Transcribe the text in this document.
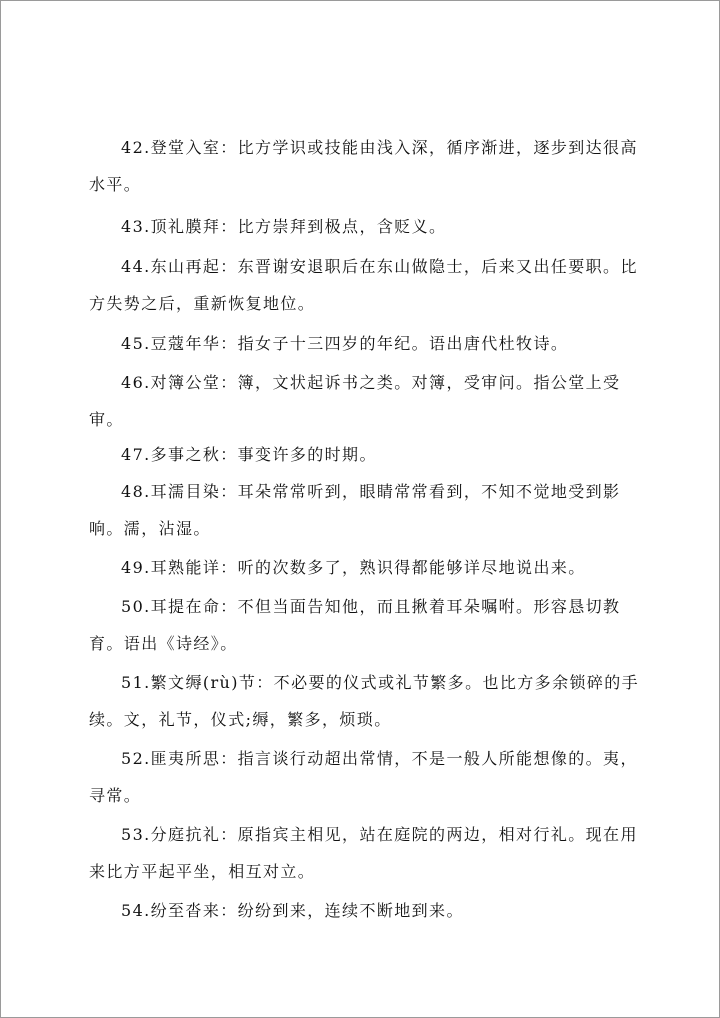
42.登堂入室：比方学识或技能由浅入深，循序渐进，逐步到达很高水平。

43.顶礼膜拜：比方崇拜到极点，含贬义。

44.东山再起：东晋谢安退职后在东山做隐士，后来又出任要职。比方失势之后，重新恢复地位。

45.豆蔻年华：指女子十三四岁的年纪。语出唐代杜牧诗。

46.对簿公堂：簿，文状起诉书之类。对簿，受审问。指公堂上受审。

47.多事之秋：事变许多的时期。

48.耳濡目染：耳朵常常听到，眼睛常常看到，不知不觉地受到影响。濡，沾湿。

49.耳熟能详：听的次数多了，熟识得都能够详尽地说出来。

50.耳提在命：不但当面告知他，而且揪着耳朵嘱咐。形容恳切教育。语出《诗经》。

51.繁文缛(rù)节：不必要的仪式或礼节繁多。也比方多余锁碎的手续。文，礼节，仪式;缛，繁多，烦琐。

52.匪夷所思：指言谈行动超出常情，不是一般人所能想像的。夷，寻常。

53.分庭抗礼：原指宾主相见，站在庭院的两边，相对行礼。现在用来比方平起平坐，相互对立。

54.纷至沓来：纷纷到来，连续不断地到来。
